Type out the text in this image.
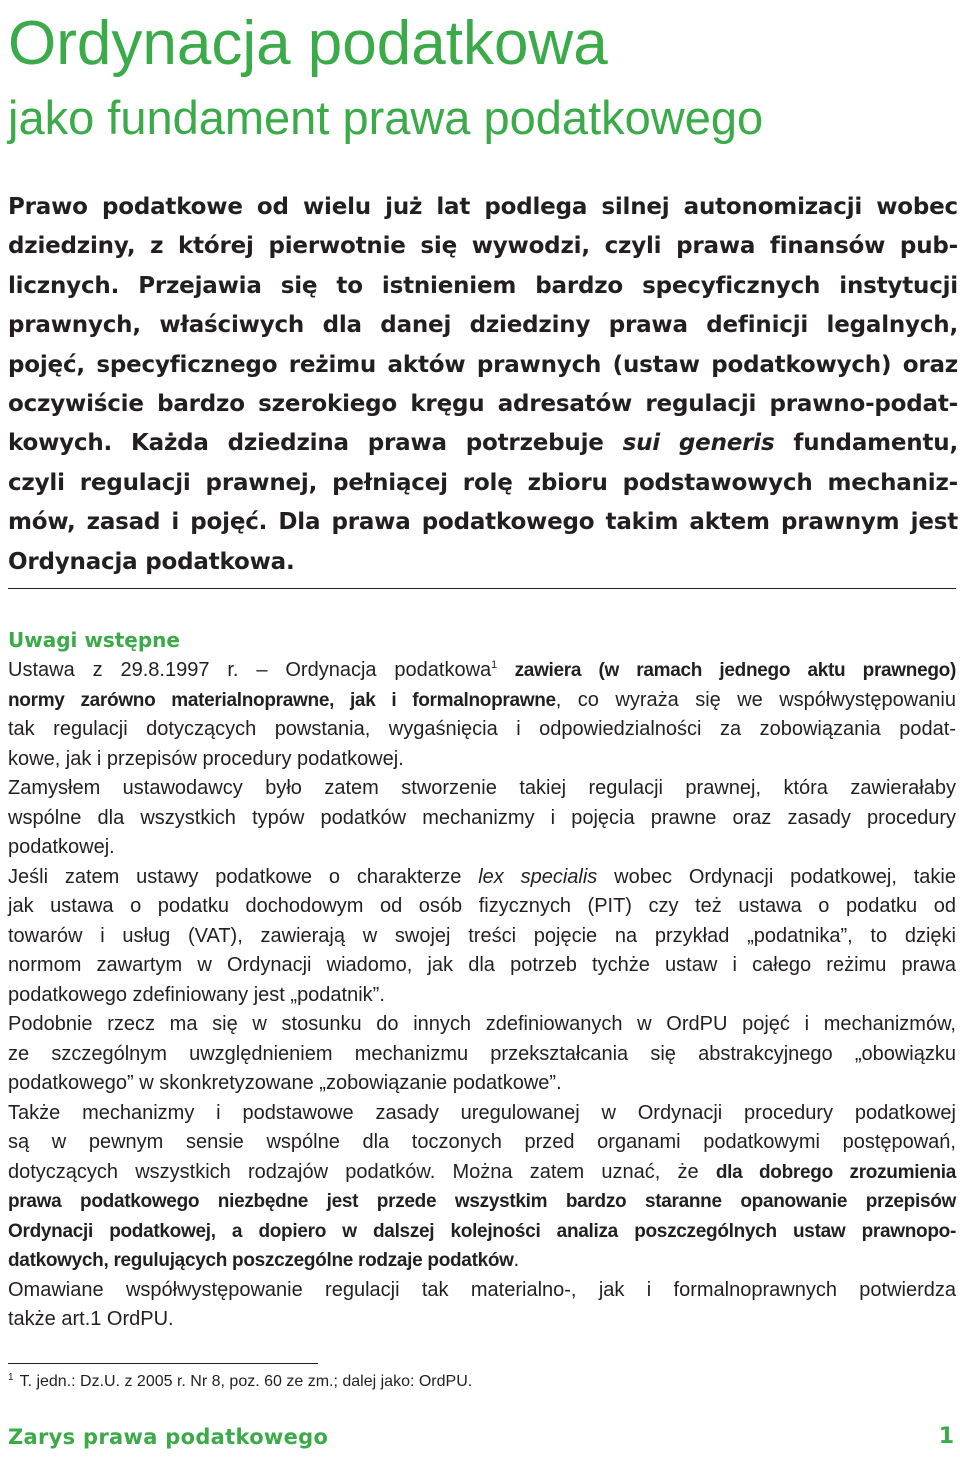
Ordynacja podatkowa
jako fundament prawa podatkowego
Prawo podatkowe od wielu już lat podlega silnej autonomizacji wobec
dziedziny, z której pierwotnie się wywodzi, czyli prawa finansów pub-
licznych. Przejawia się to istnieniem bardzo specyficznych instytucji
prawnych, właściwych dla danej dziedziny prawa definicji legalnych,
pojęć, specyficznego reżimu aktów prawnych (ustaw podatkowych) oraz
oczywiście bardzo szerokiego kręgu adresatów regulacji prawno-podat-
kowych. Każda dziedzina prawa potrzebuje sui generis fundamentu,
czyli regulacji prawnej, pełniącej rolę zbioru podstawowych mechaniz-
mów, zasad i pojęć. Dla prawa podatkowego takim aktem prawnym jest
Ordynacja podatkowa.
Uwagi wstępne
Ustawa z 29.8.1997 r. – Ordynacja podatkowa$^1$ zawiera (w ramach jednego aktu prawnego)
normy zarówno materialnoprawne, jak i formalnoprawne, co wyraża się we współwystępowaniu
tak regulacji dotyczących powstania, wygaśnięcia i odpowiedzialności za zobowiązania podat-
kowe, jak i przepisów procedury podatkowej.
Zamysłem ustawodawcy było zatem stworzenie takiej regulacji prawnej, która zawierałaby
wspólne dla wszystkich typów podatków mechanizmy i pojęcia prawne oraz zasady procedury
podatkowej.
Jeśli zatem ustawy podatkowe o charakterze lex specialis wobec Ordynacji podatkowej, takie
jak ustawa o podatku dochodowym od osób fizycznych (PIT) czy też ustawa o podatku od
towarów i usług (VAT), zawierają w swojej treści pojęcie na przykład „podatnika”, to dzięki
normom zawartym w Ordynacji wiadomo, jak dla potrzeb tychże ustaw i całego reżimu prawa
podatkowego zdefiniowany jest „podatnik”.
Podobnie rzecz ma się w stosunku do innych zdefiniowanych w OrdPU pojęć i mechanizmów,
ze szczególnym uwzględnieniem mechanizmu przekształcania się abstrakcyjnego „obowiązku
podatkowego” w skonkretyzowane „zobowiązanie podatkowe”.
Także mechanizmy i podstawowe zasady uregulowanej w Ordynacji procedury podatkowej
są w pewnym sensie wspólne dla toczonych przed organami podatkowymi postępowań,
dotyczących wszystkich rodzajów podatków. Można zatem uznać, że dla dobrego zrozumienia
prawa podatkowego niezbędne jest przede wszystkim bardzo staranne opanowanie przepisów
Ordynacji podatkowej, a dopiero w dalszej kolejności analiza poszczególnych ustaw prawnopo-
datkowych, regulujących poszczególne rodzaje podatków.
Omawiane współwystępowanie regulacji tak materialno-, jak i formalnoprawnych potwierdza
także art.1 OrdPU.
$^1$ T. jedn.: Dz.U. z 2005 r. Nr 8, poz. 60 ze zm.; dalej jako: OrdPU.
Zarys prawa podatkowego	1
